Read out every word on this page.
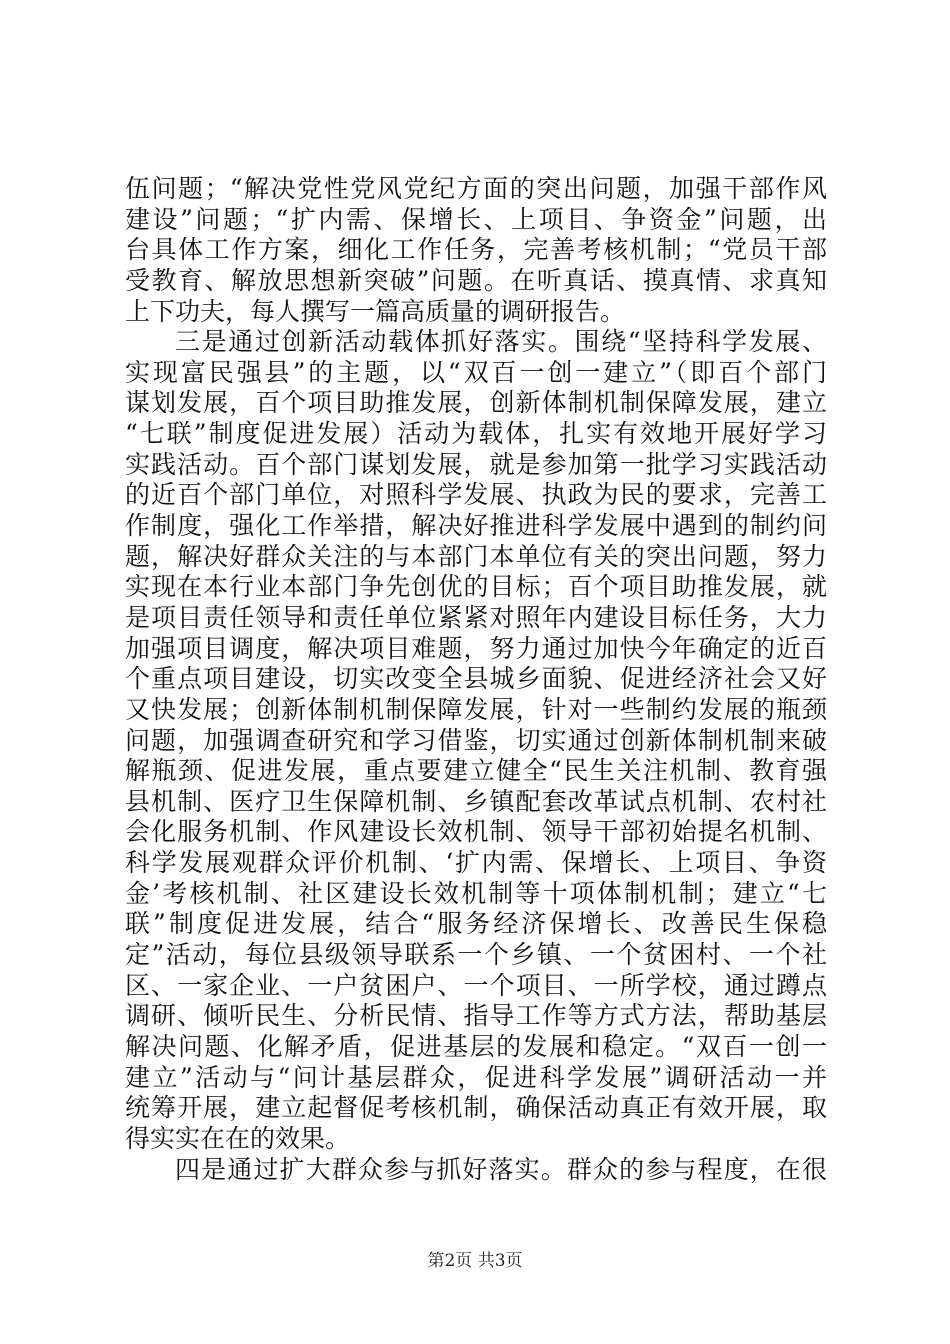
伍问题；“解决党性党风党纪方面的突出问题，加强干部作风
建设”问题；“扩内需、保增长、上项目、争资金”问题，出
台具体工作方案，细化工作任务，完善考核机制；“党员干部
受教育、解放思想新突破”问题。在听真话、摸真情、求真知
上下功夫，每人撰写一篇高质量的调研报告。
三是通过创新活动载体抓好落实。围绕“坚持科学发展、
实现富民强县”的主题，以“双百一创一建立”（即百个部门
谋划发展，百个项目助推发展，创新体制机制保障发展，建立
“七联”制度促进发展）活动为载体，扎实有效地开展好学习
实践活动。百个部门谋划发展，就是参加第一批学习实践活动
的近百个部门单位，对照科学发展、执政为民的要求，完善工
作制度，强化工作举措，解决好推进科学发展中遇到的制约问
题，解决好群众关注的与本部门本单位有关的突出问题，努力
实现在本行业本部门争先创优的目标；百个项目助推发展，就
是项目责任领导和责任单位紧紧对照年内建设目标任务，大力
加强项目调度，解决项目难题，努力通过加快今年确定的近百
个重点项目建设，切实改变全县城乡面貌、促进经济社会又好
又快发展；创新体制机制保障发展，针对一些制约发展的瓶颈
问题，加强调查研究和学习借鉴，切实通过创新体制机制来破
解瓶颈、促进发展，重点要建立健全“民生关注机制、教育强
县机制、医疗卫生保障机制、乡镇配套改革试点机制、农村社
会化服务机制、作风建设长效机制、领导干部初始提名机制、
科学发展观群众评价机制、‘扩内需、保增长、上项目、争资
金’考核机制、社区建设长效机制等十项体制机制；建立“七
联”制度促进发展，结合“服务经济保增长、改善民生保稳
定”活动，每位县级领导联系一个乡镇、一个贫困村、一个社
区、一家企业、一户贫困户、一个项目、一所学校，通过蹲点
调研、倾听民生、分析民情、指导工作等方式方法，帮助基层
解决问题、化解矛盾，促进基层的发展和稳定。“双百一创一
建立”活动与“问计基层群众，促进科学发展”调研活动一并
统筹开展，建立起督促考核机制，确保活动真正有效开展，取
得实实在在的效果。
四是通过扩大群众参与抓好落实。群众的参与程度，在很
第2页 共3页
